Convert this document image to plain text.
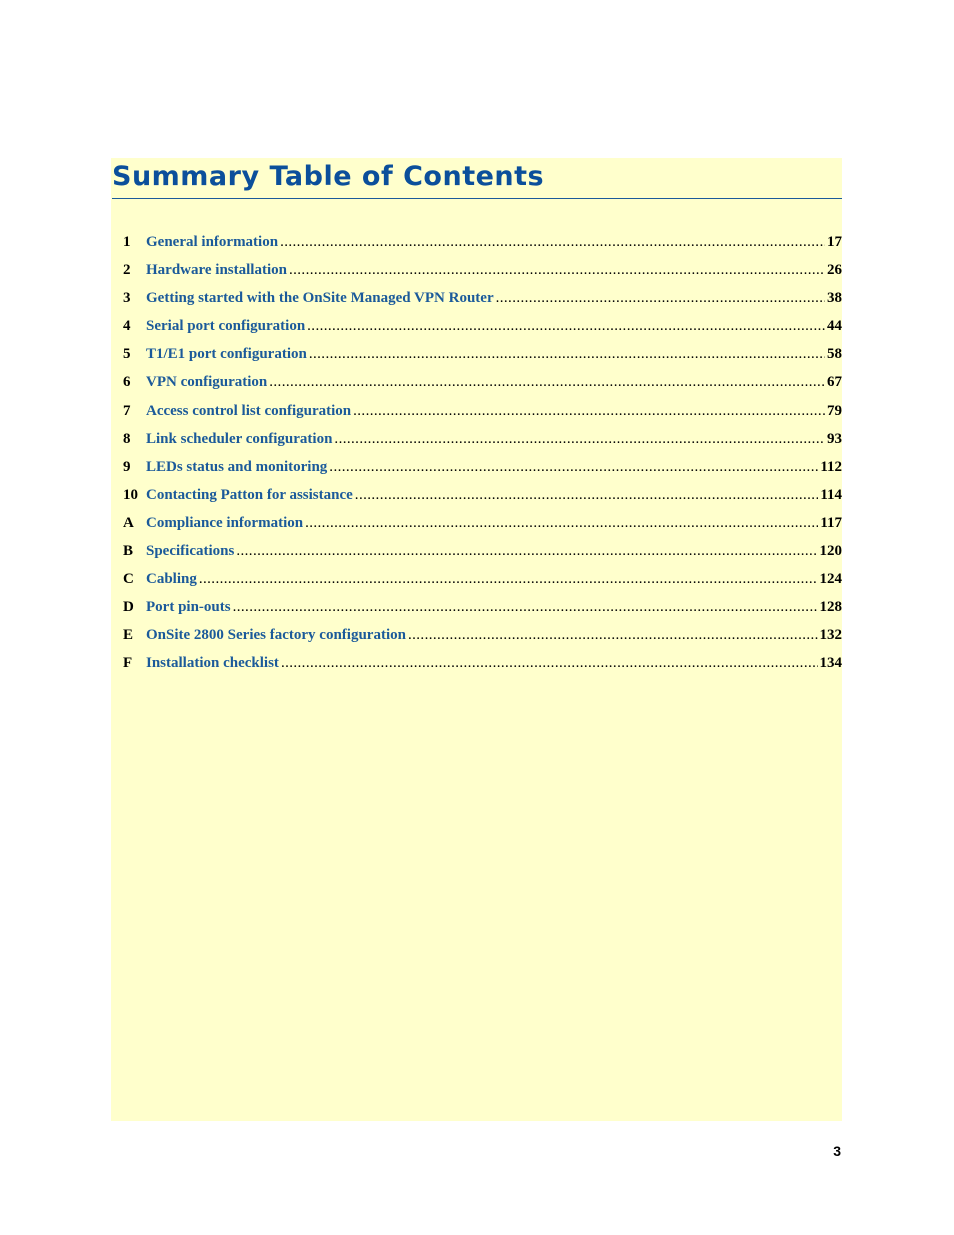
Summary Table of Contents
1	General information .....	17
2	Hardware installation .....	26
3	Getting started with the OnSite Managed VPN Router .....	38
4	Serial port configuration .....	44
5	T1/E1 port configuration .....	58
6	VPN configuration .....	67
7	Access control list configuration .....	79
8	Link scheduler configuration .....	93
9	LEDs status and monitoring .....	112
10 Contacting Patton for assistance .....	114
A Compliance information .....	117
B Specifications .....	120
C Cabling .....	124
D Port pin-outs .....	128
E OnSite 2800 Series factory configuration .....	132
F Installation checklist .....	134
3
